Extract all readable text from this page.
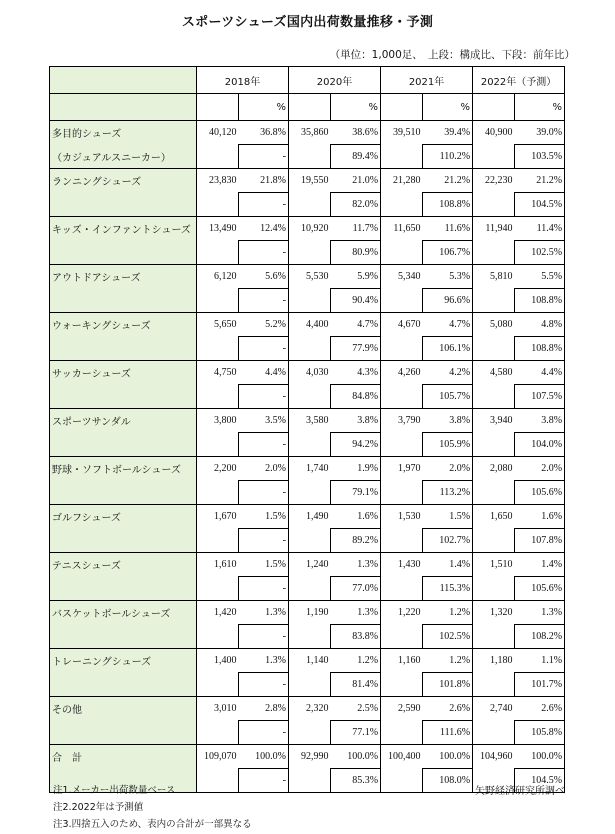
スポーツシューズ国内出荷数量推移・予測
（単位：1,000足、　上段：構成比、下段：前年比）
	2018年		2020年		2021年		2022年（予測）	
		%		%		%		%
多目的シューズ	40,120	36.8%	35,860	38.6%	39,510	39.4%	40,900	39.0%
（カジュアルスニーカー）		-		89.4%		110.2%		103.5%
ランニングシューズ	23,830	21.8%	19,550	21.0%	21,280	21.2%	22,230	21.2%
		-		82.0%		108.8%		104.5%
キッズ・インファントシューズ	13,490	12.4%	10,920	11.7%	11,650	11.6%	11,940	11.4%
		-		80.9%		106.7%		102.5%
アウトドアシューズ	6,120	5.6%	5,530	5.9%	5,340	5.3%	5,810	5.5%
		-		90.4%		96.6%		108.8%
ウォーキングシューズ	5,650	5.2%	4,400	4.7%	4,670	4.7%	5,080	4.8%
		-		77.9%		106.1%		108.8%
サッカーシューズ	4,750	4.4%	4,030	4.3%	4,260	4.2%	4,580	4.4%
		-		84.8%		105.7%		107.5%
スポーツサンダル	3,800	3.5%	3,580	3.8%	3,790	3.8%	3,940	3.8%
		-		94.2%		105.9%		104.0%
野球・ソフトボールシューズ	2,200	2.0%	1,740	1.9%	1,970	2.0%	2,080	2.0%
		-		79.1%		113.2%		105.6%
ゴルフシューズ	1,670	1.5%	1,490	1.6%	1,530	1.5%	1,650	1.6%
		-		89.2%		102.7%		107.8%
テニスシューズ	1,610	1.5%	1,240	1.3%	1,430	1.4%	1,510	1.4%
		-		77.0%		115.3%		105.6%
バスケットボールシューズ	1,420	1.3%	1,190	1.3%	1,220	1.2%	1,320	1.3%
		-		83.8%		102.5%		108.2%
トレーニングシューズ	1,400	1.3%	1,140	1.2%	1,160	1.2%	1,180	1.1%
		-		81.4%		101.8%		101.7%
その他	3,010	2.8%	2,320	2.5%	2,590	2.6%	2,740	2.6%
		-		77.1%		111.6%		105.8%
合　計	109,070	100.0%	92,990	100.0%	100,400	100.0%	104,960	100.0%
		-		85.3%		108.0%		104.5%
注1.メーカー出荷数量ベース
注2.2022年は予測値
注3.四捨五入のため、表内の合計が一部異なる
矢野経済研究所調べ
